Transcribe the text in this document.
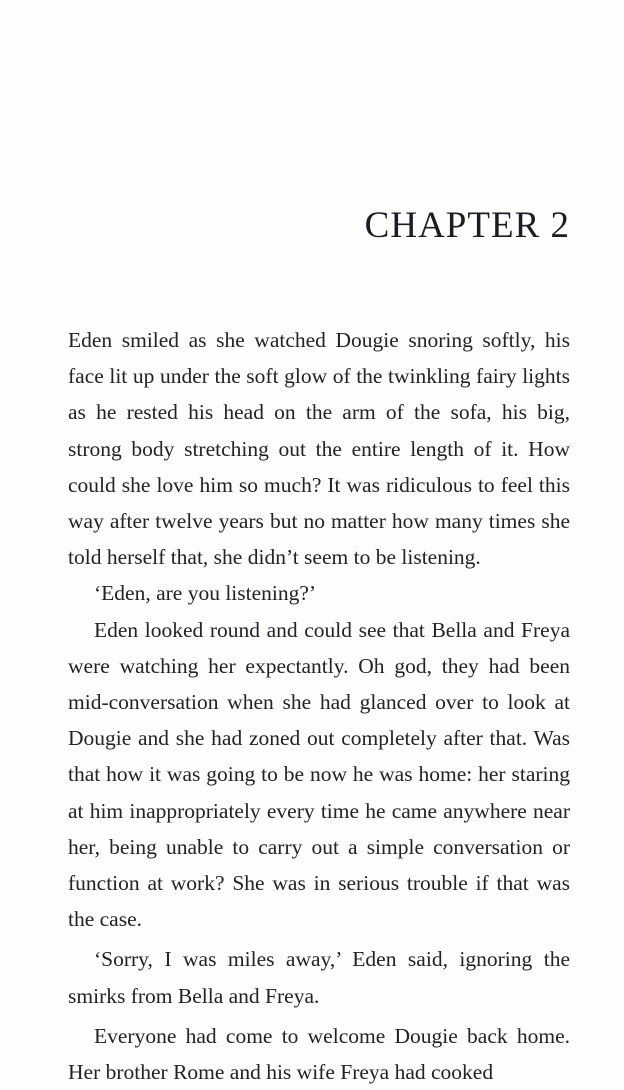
CHAPTER 2

Eden smiled as she watched Dougie snoring softly, his face lit up under the soft glow of the twinkling fairy lights as he rested his head on the arm of the sofa, his big, strong body stretching out the entire length of it. How could she love him so much? It was ridiculous to feel this way after twelve years but no matter how many times she told herself that, she didn’t seem to be listening.

‘Eden, are you listening?’

Eden looked round and could see that Bella and Freya were watching her expectantly. Oh god, they had been mid-conversation when she had glanced over to look at Dougie and she had zoned out completely after that. Was that how it was going to be now he was home: her staring at him inappropriately every time he came anywhere near her, being unable to carry out a simple conversation or function at work? She was in serious trouble if that was the case.

‘Sorry, I was miles away,’ Eden said, ignoring the smirks from Bella and Freya.

Everyone had come to welcome Dougie back home. Her brother Rome and his wife Freya had cooked
